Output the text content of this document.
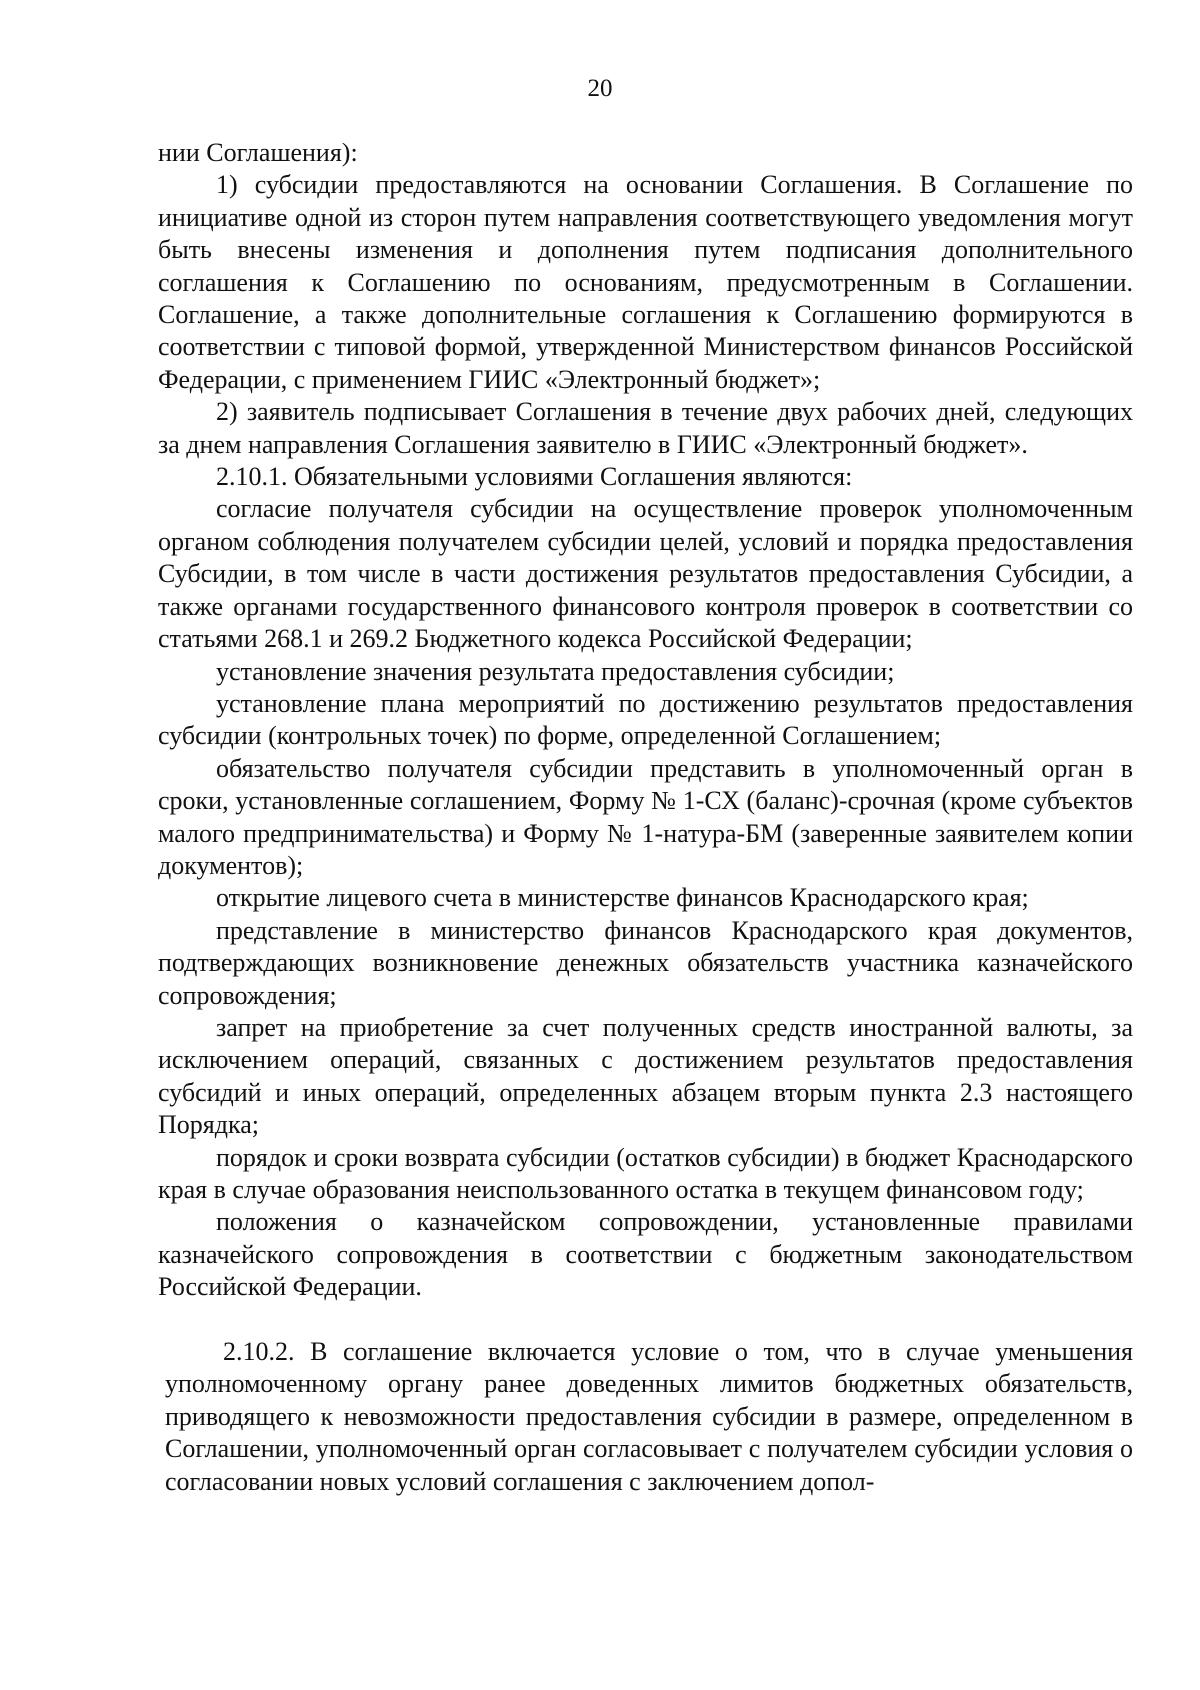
20

нии Соглашения):

1) субсидии предоставляются на основании Соглашения. В Соглашение по инициативе одной из сторон путем направления соответствующего уведомления могут быть внесены изменения и дополнения путем подписания дополнительного соглашения к Соглашению по основаниям, предусмотренным в Соглашении. Соглашение, а также дополнительные соглашения к Соглашению формируются в соответствии с типовой формой, утвержденной Министерством финансов Российской Федерации, с применением ГИИС «Электронный бюджет»;

2) заявитель подписывает Соглашения в течение двух рабочих дней, следующих за днем направления Соглашения заявителю в ГИИС «Электронный бюджет».

2.10.1. Обязательными условиями Соглашения являются:

согласие получателя субсидии на осуществление проверок уполномоченным органом соблюдения получателем субсидии целей, условий и порядка предоставления Субсидии, в том числе в части достижения результатов предоставления Субсидии, а также органами государственного финансового контроля проверок в соответствии со статьями 268.1 и 269.2 Бюджетного кодекса Российской Федерации;

установление значения результата предоставления субсидии;

установление плана мероприятий по достижению результатов предоставления субсидии (контрольных точек) по форме, определенной Соглашением;

обязательство получателя субсидии представить в уполномоченный орган в сроки, установленные соглашением, Форму № 1-СХ (баланс)-срочная (кроме субъектов малого предпринимательства) и Форму № 1-натура-БМ (заверенные заявителем копии документов);

открытие лицевого счета в министерстве финансов Краснодарского края;

представление в министерство финансов Краснодарского края документов, подтверждающих возникновение денежных обязательств участника казначейского сопровождения;

запрет на приобретение за счет полученных средств иностранной валюты, за исключением операций, связанных с достижением результатов предоставления субсидий и иных операций, определенных абзацем вторым пункта 2.3 настоящего Порядка;

порядок и сроки возврата субсидии (остатков субсидии) в бюджет Краснодарского края в случае образования неиспользованного остатка в текущем финансовом году;

положения о казначейском сопровождении, установленные правилами казначейского сопровождения в соответствии с бюджетным законодательством Российской Федерации.

2.10.2. В соглашение включается условие о том, что в случае уменьшения уполномоченному органу ранее доведенных лимитов бюджетных обязательств, приводящего к невозможности предоставления субсидии в размере, определенном в Соглашении, уполномоченный орган согласовывает с получателем субсидии условия о согласовании новых условий соглашения с заключением допол-
